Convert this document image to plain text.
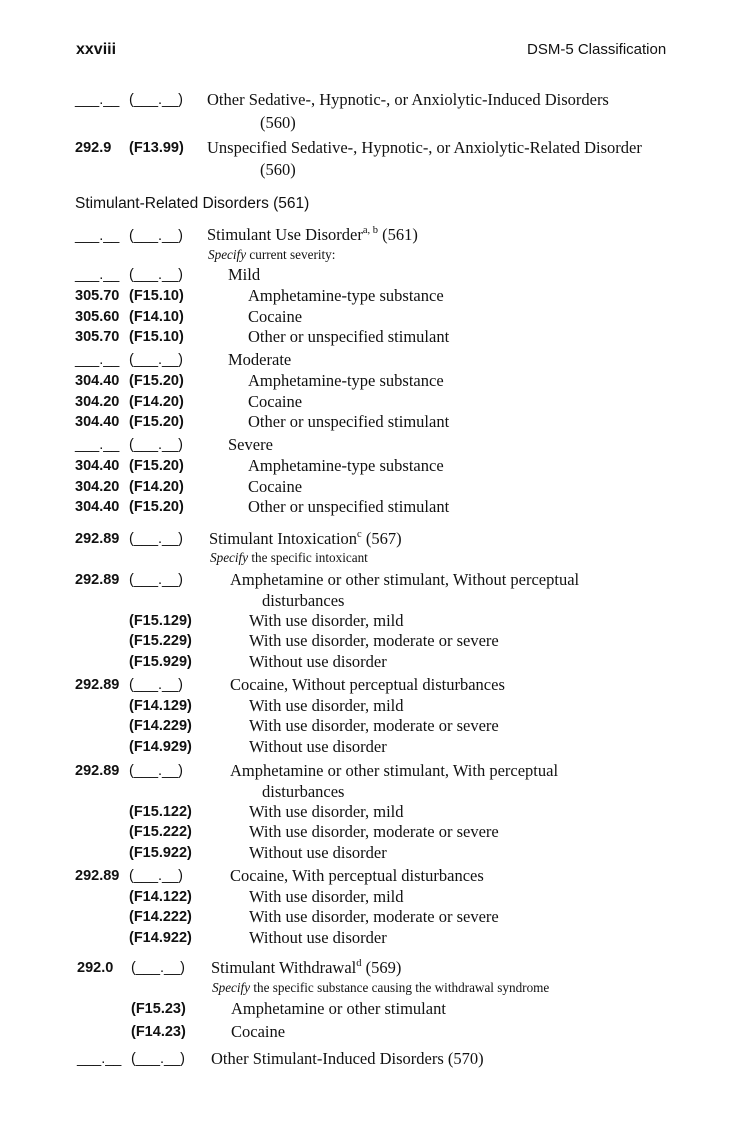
xxviii	DSM-5 Classification
___.__ (___.__) Other Sedative-, Hypnotic-, or Anxiolytic-Induced Disorders
(560)
292.9 (F13.99) Unspecified Sedative-, Hypnotic-, or Anxiolytic-Related Disorder
(560)
Stimulant-Related Disorders (561)
___.__ (___.__) Stimulant Use Disorder$^{a, b}$ (561)
Specify current severity:
___.__ (___.__)	Mild
305.70 (F15.10)	Amphetamine-type substance
305.60 (F14.10)	Cocaine
305.70 (F15.10)	Other or unspecified stimulant
___.__ (___.__)	Moderate
304.40 (F15.20)	Amphetamine-type substance
304.20 (F14.20)	Cocaine
304.40 (F15.20)	Other or unspecified stimulant
___.__ (___.__)	Severe
304.40 (F15.20)	Amphetamine-type substance
304.20 (F14.20)	Cocaine
304.40 (F15.20)	Other or unspecified stimulant
292.89 (___.__) Stimulant Intoxication$^c$ (567)
Specify the specific intoxicant
292.89 (___.__)	Amphetamine or other stimulant, Without perceptual
disturbances
(F15.129)	With use disorder, mild
(F15.229)	With use disorder, moderate or severe
(F15.929)	Without use disorder
292.89 (___.__)	Cocaine, Without perceptual disturbances
(F14.129)	With use disorder, mild
(F14.229)	With use disorder, moderate or severe
(F14.929)	Without use disorder
292.89 (___.__)	Amphetamine or other stimulant, With perceptual
disturbances
(F15.122)	With use disorder, mild
(F15.222)	With use disorder, moderate or severe
(F15.922)	Without use disorder
292.89 (___.__)	Cocaine, With perceptual disturbances
(F14.122)	With use disorder, mild
(F14.222)	With use disorder, moderate or severe
(F14.922)	Without use disorder
292.0 (___.__) Stimulant Withdrawal$^d$ (569)
Specify the specific substance causing the withdrawal syndrome
(F15.23)	Amphetamine or other stimulant
(F14.23)	Cocaine
___.__ (___.__) Other Stimulant-Induced Disorders (570)
